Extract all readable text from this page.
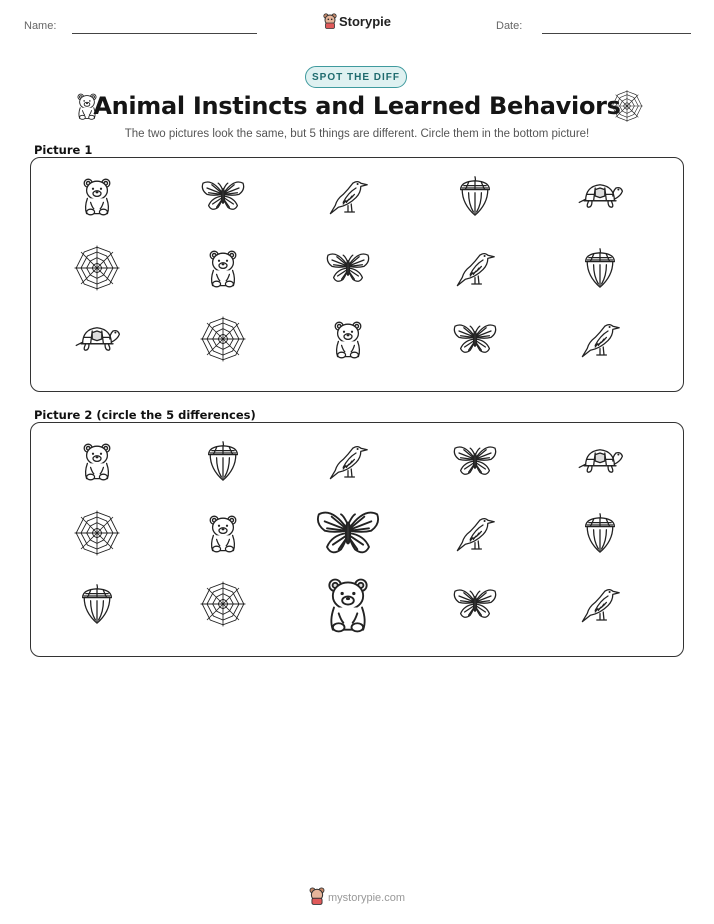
Name:	Storypie	Date:
SPOT THE DIFF
Animal Instincts and Learned Behaviors
The two pictures look the same, but 5 things are different. Circle them in the bottom picture!
Picture 1
Picture 2 (circle the 5 differences)
mystorypie.com
